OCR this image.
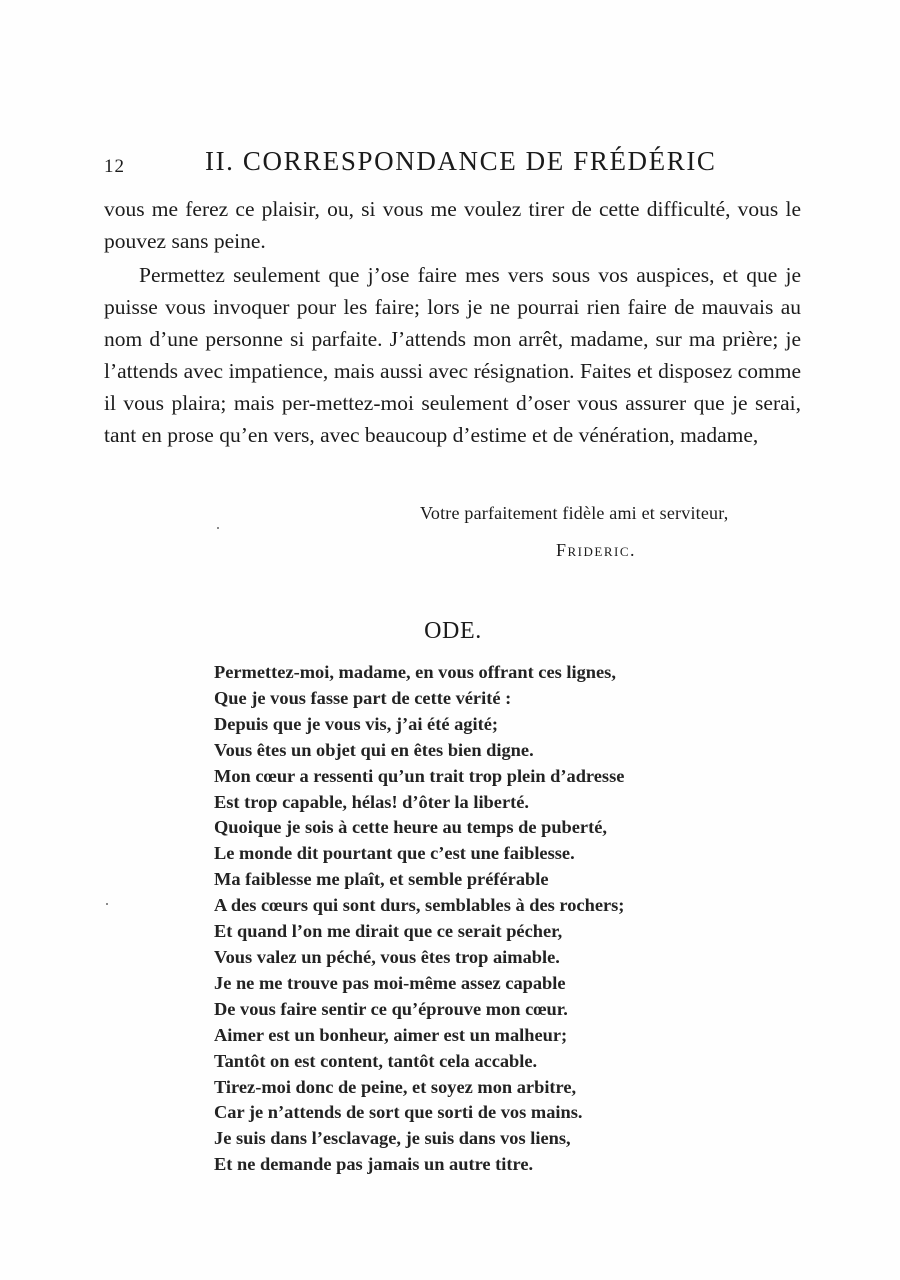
12	II. CORRESPONDANCE DE FRÉDÉRIC

vous me ferez ce plaisir, ou, si vous me voulez tirer de cette difficulté, vous le pouvez sans peine.

Permettez seulement que j’ose faire mes vers sous vos auspices, et que je puisse vous invoquer pour les faire; lors je ne pourrai rien faire de mauvais au nom d’une personne si parfaite. J’attends mon arrêt, madame, sur ma prière; je l’attends avec impatience, mais aussi avec résignation. Faites et disposez comme il vous plaira; mais per-mettez-moi seulement d’oser vous assurer que je serai, tant en prose qu’en vers, avec beaucoup d’estime et de vénération, madame,

Votre parfaitement fidèle ami et serviteur,
Frideric.
ODE.
Permettez-moi, madame, en vous offrant ces lignes,
Que je vous fasse part de cette vérité :
Depuis que je vous vis, j’ai été agité;
Vous êtes un objet qui en êtes bien digne.
Mon cœur a ressenti qu’un trait trop plein d’adresse
Est trop capable, hélas! d’ôter la liberté.
Quoique je sois à cette heure au temps de puberté,
Le monde dit pourtant que c’est une faiblesse.
Ma faiblesse me plaît, et semble préférable
A des cœurs qui sont durs, semblables à des rochers;
Et quand l’on me dirait que ce serait pécher,
Vous valez un péché, vous êtes trop aimable.
Je ne me trouve pas moi-même assez capable
De vous faire sentir ce qu’éprouve mon cœur.
Aimer est un bonheur, aimer est un malheur;
Tantôt on est content, tantôt cela accable.
Tirez-moi donc de peine, et soyez mon arbitre,
Car je n’attends de sort que sorti de vos mains.
Je suis dans l’esclavage, je suis dans vos liens,
Et ne demande pas jamais un autre titre.
